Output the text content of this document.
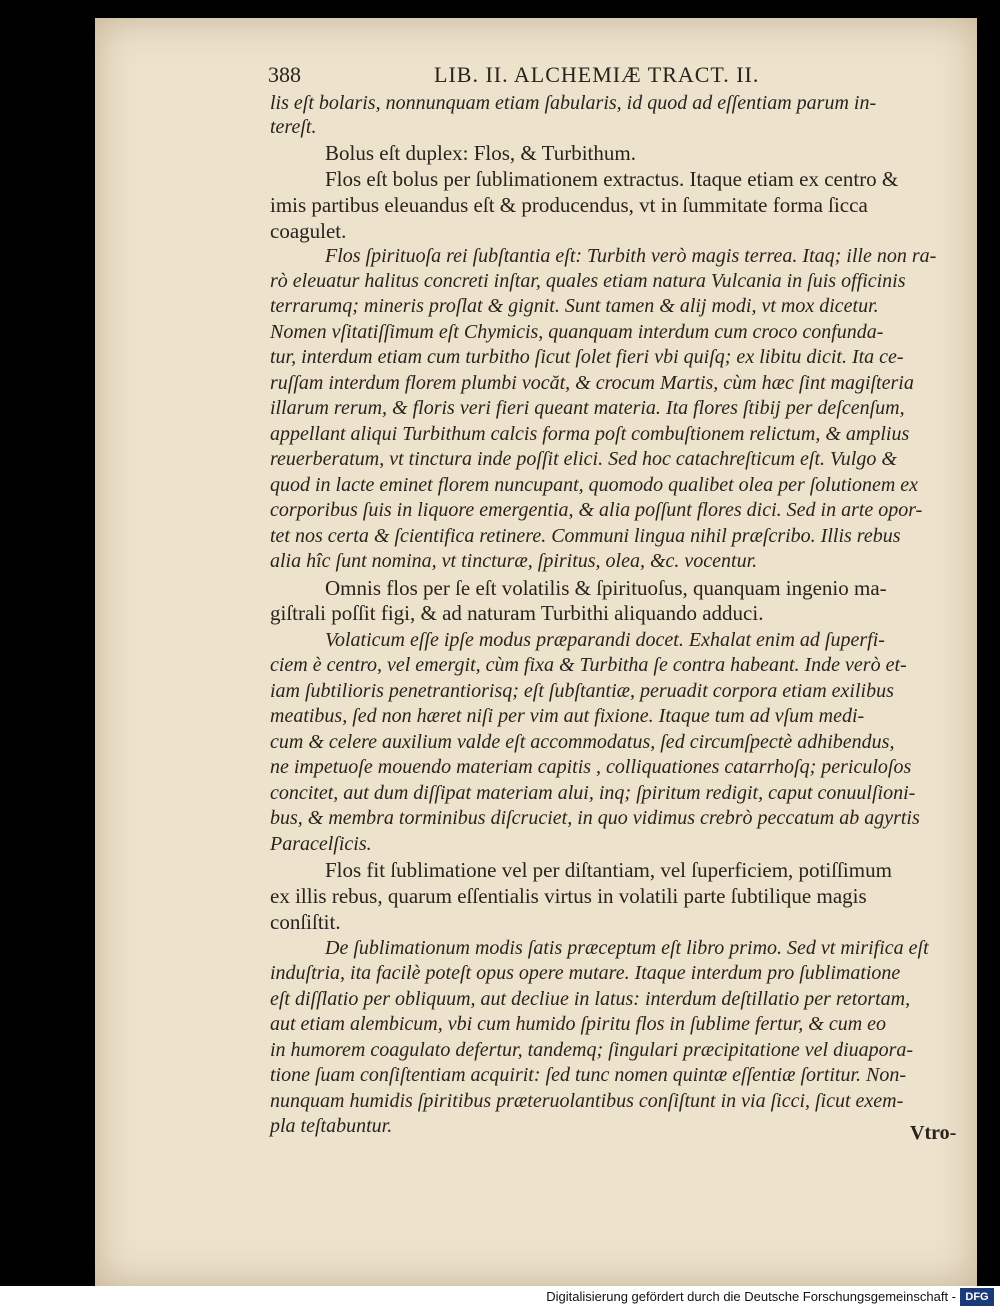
388	LIB. II. ALCHEMIÆ TRACT. II.
lis eſt bolaris, nonnunquam etiam ſabularis, id quod ad eſſentiam parum in-
tereſt.
Bolus eſt duplex: Flos, & Turbithum.
Flos eſt bolus per ſublimationem extractus. Itaque etiam ex centro &
imis partibus eleuandus eſt & producendus, vt in ſummitate forma ſicca
coagulet.
Flos ſpirituoſa rei ſubſtantia eſt: Turbith verò magis terrea. Itaq; ille non ra-
rò eleuatur halitus concreti inſtar, quales etiam natura Vulcania in ſuis officinis
terrarumq; mineris proſlat & gignit. Sunt tamen & alij modi, vt mox dicetur.
Nomen vſitatiſſimum eſt Chymicis, quanquam interdum cum croco confunda-
tur, interdum etiam cum turbitho ſicut ſolet fieri vbi quiſq; ex libitu dicit. Ita ce-
ruſſam interdum florem plumbi vocăt, & crocum Martis, cùm hæc ſint magiſteria
illarum rerum, & floris veri fieri queant materia. Ita flores ſtibij per deſcenſum,
appellant aliqui Turbithum calcis forma poſt combuſtionem relictum, & amplius
reuerberatum, vt tinctura inde poſſit elici. Sed hoc catachreſticum eſt. Vulgo &
quod in lacte eminet florem nuncupant, quomodo qualibet olea per ſolutionem ex
corporibus ſuis in liquore emergentia, & alia poſſunt flores dici. Sed in arte opor-
tet nos certa & ſcientifica retinere. Communi lingua nihil præſcribo. Illis rebus
alia hîc ſunt nomina, vt tincturæ, ſpiritus, olea, &c. vocentur.
Omnis flos per ſe eſt volatilis & ſpirituoſus, quanquam ingenio ma-
giſtrali poſſit figi, & ad naturam Turbithi aliquando adduci.
Volaticum eſſe ipſe modus præparandi docet. Exhalat enim ad ſuperfi-
ciem è centro, vel emergit, cùm fixa & Turbitha ſe contra habeant. Inde verò et-
iam ſubtilioris penetrantiorisq; eſt ſubſtantiæ, peruadit corpora etiam exilibus
meatibus, ſed non hæret niſi per vim aut fixione. Itaque tum ad vſum medi-
cum & celere auxilium valde eſt accommodatus, ſed circumſpectè adhibendus,
ne impetuoſe mouendo materiam capitis , colliquationes catarrhoſq; periculoſos
concitet, aut dum diſſipat materiam alui, inq; ſpiritum redigit, caput conuulſioni-
bus, & membra torminibus diſcruciet, in quo vidimus crebrò peccatum ab agyrtis
Paracelſicis.
Flos fit ſublimatione vel per diſtantiam, vel ſuperficiem, potiſſimum
ex illis rebus, quarum eſſentialis virtus in volatili parte ſubtilique magis
conſiſtit.
De ſublimationum modis ſatis præceptum eſt libro primo. Sed vt mirifica eſt
induſtria, ita facilè poteſt opus opere mutare. Itaque interdum pro ſublimatione
eſt diſſlatio per obliquum, aut decliue in latus: interdum deſtillatio per retortam,
aut etiam alembicum, vbi cum humido ſpiritu flos in ſublime fertur, & cum eo
in humorem coagulato defertur, tandemq; ſingulari præcipitatione vel diuapora-
tione ſuam conſiſtentiam acquirit: ſed tunc nomen quintæ eſſentiæ ſortitur. Non-
nunquam humidis ſpiritibus præteruolantibus conſiſtunt in via ſicci, ſicut exem-
pla teſtabuntur.	Vtro-
Digitalisierung gefördert durch die Deutsche Forschungsgemeinschaft - DFG
